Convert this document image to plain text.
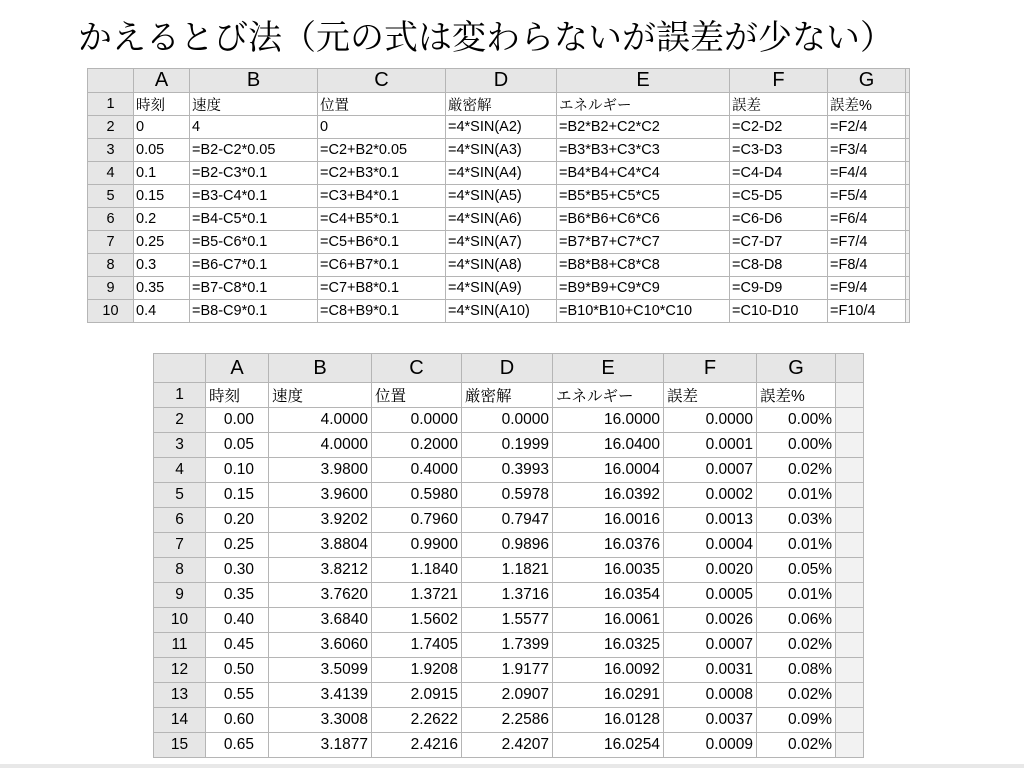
かえるとび法（元の式は変わらないが誤差が少ない）
	A	B	C	D	E	F	G	
1	時刻	速度	位置	厳密解	エネルギー	誤差	誤差%	
2	0	4	0	=4*SIN(A2)	=B2*B2+C2*C2	=C2-D2	=F2/4	
3	0.05	=B2-C2*0.05	=C2+B2*0.05	=4*SIN(A3)	=B3*B3+C3*C3	=C3-D3	=F3/4	
4	0.1	=B2-C3*0.1	=C2+B3*0.1	=4*SIN(A4)	=B4*B4+C4*C4	=C4-D4	=F4/4	
5	0.15	=B3-C4*0.1	=C3+B4*0.1	=4*SIN(A5)	=B5*B5+C5*C5	=C5-D5	=F5/4	
6	0.2	=B4-C5*0.1	=C4+B5*0.1	=4*SIN(A6)	=B6*B6+C6*C6	=C6-D6	=F6/4	
7	0.25	=B5-C6*0.1	=C5+B6*0.1	=4*SIN(A7)	=B7*B7+C7*C7	=C7-D7	=F7/4	
8	0.3	=B6-C7*0.1	=C6+B7*0.1	=4*SIN(A8)	=B8*B8+C8*C8	=C8-D8	=F8/4	
9	0.35	=B7-C8*0.1	=C7+B8*0.1	=4*SIN(A9)	=B9*B9+C9*C9	=C9-D9	=F9/4	
10	0.4	=B8-C9*0.1	=C8+B9*0.1	=4*SIN(A10)	=B10*B10+C10*C10	=C10-D10	=F10/4	
	A	B	C	D	E	F	G	
1	時刻	速度	位置	厳密解	エネルギー	誤差	誤差%	
2	0.00	4.0000	0.0000	0.0000	16.0000	0.0000	0.00%	
3	0.05	4.0000	0.2000	0.1999	16.0400	0.0001	0.00%	
4	0.10	3.9800	0.4000	0.3993	16.0004	0.0007	0.02%	
5	0.15	3.9600	0.5980	0.5978	16.0392	0.0002	0.01%	
6	0.20	3.9202	0.7960	0.7947	16.0016	0.0013	0.03%	
7	0.25	3.8804	0.9900	0.9896	16.0376	0.0004	0.01%	
8	0.30	3.8212	1.1840	1.1821	16.0035	0.0020	0.05%	
9	0.35	3.7620	1.3721	1.3716	16.0354	0.0005	0.01%	
10	0.40	3.6840	1.5602	1.5577	16.0061	0.0026	0.06%	
11	0.45	3.6060	1.7405	1.7399	16.0325	0.0007	0.02%	
12	0.50	3.5099	1.9208	1.9177	16.0092	0.0031	0.08%	
13	0.55	3.4139	2.0915	2.0907	16.0291	0.0008	0.02%	
14	0.60	3.3008	2.2622	2.2586	16.0128	0.0037	0.09%	
15	0.65	3.1877	2.4216	2.4207	16.0254	0.0009	0.02%	
